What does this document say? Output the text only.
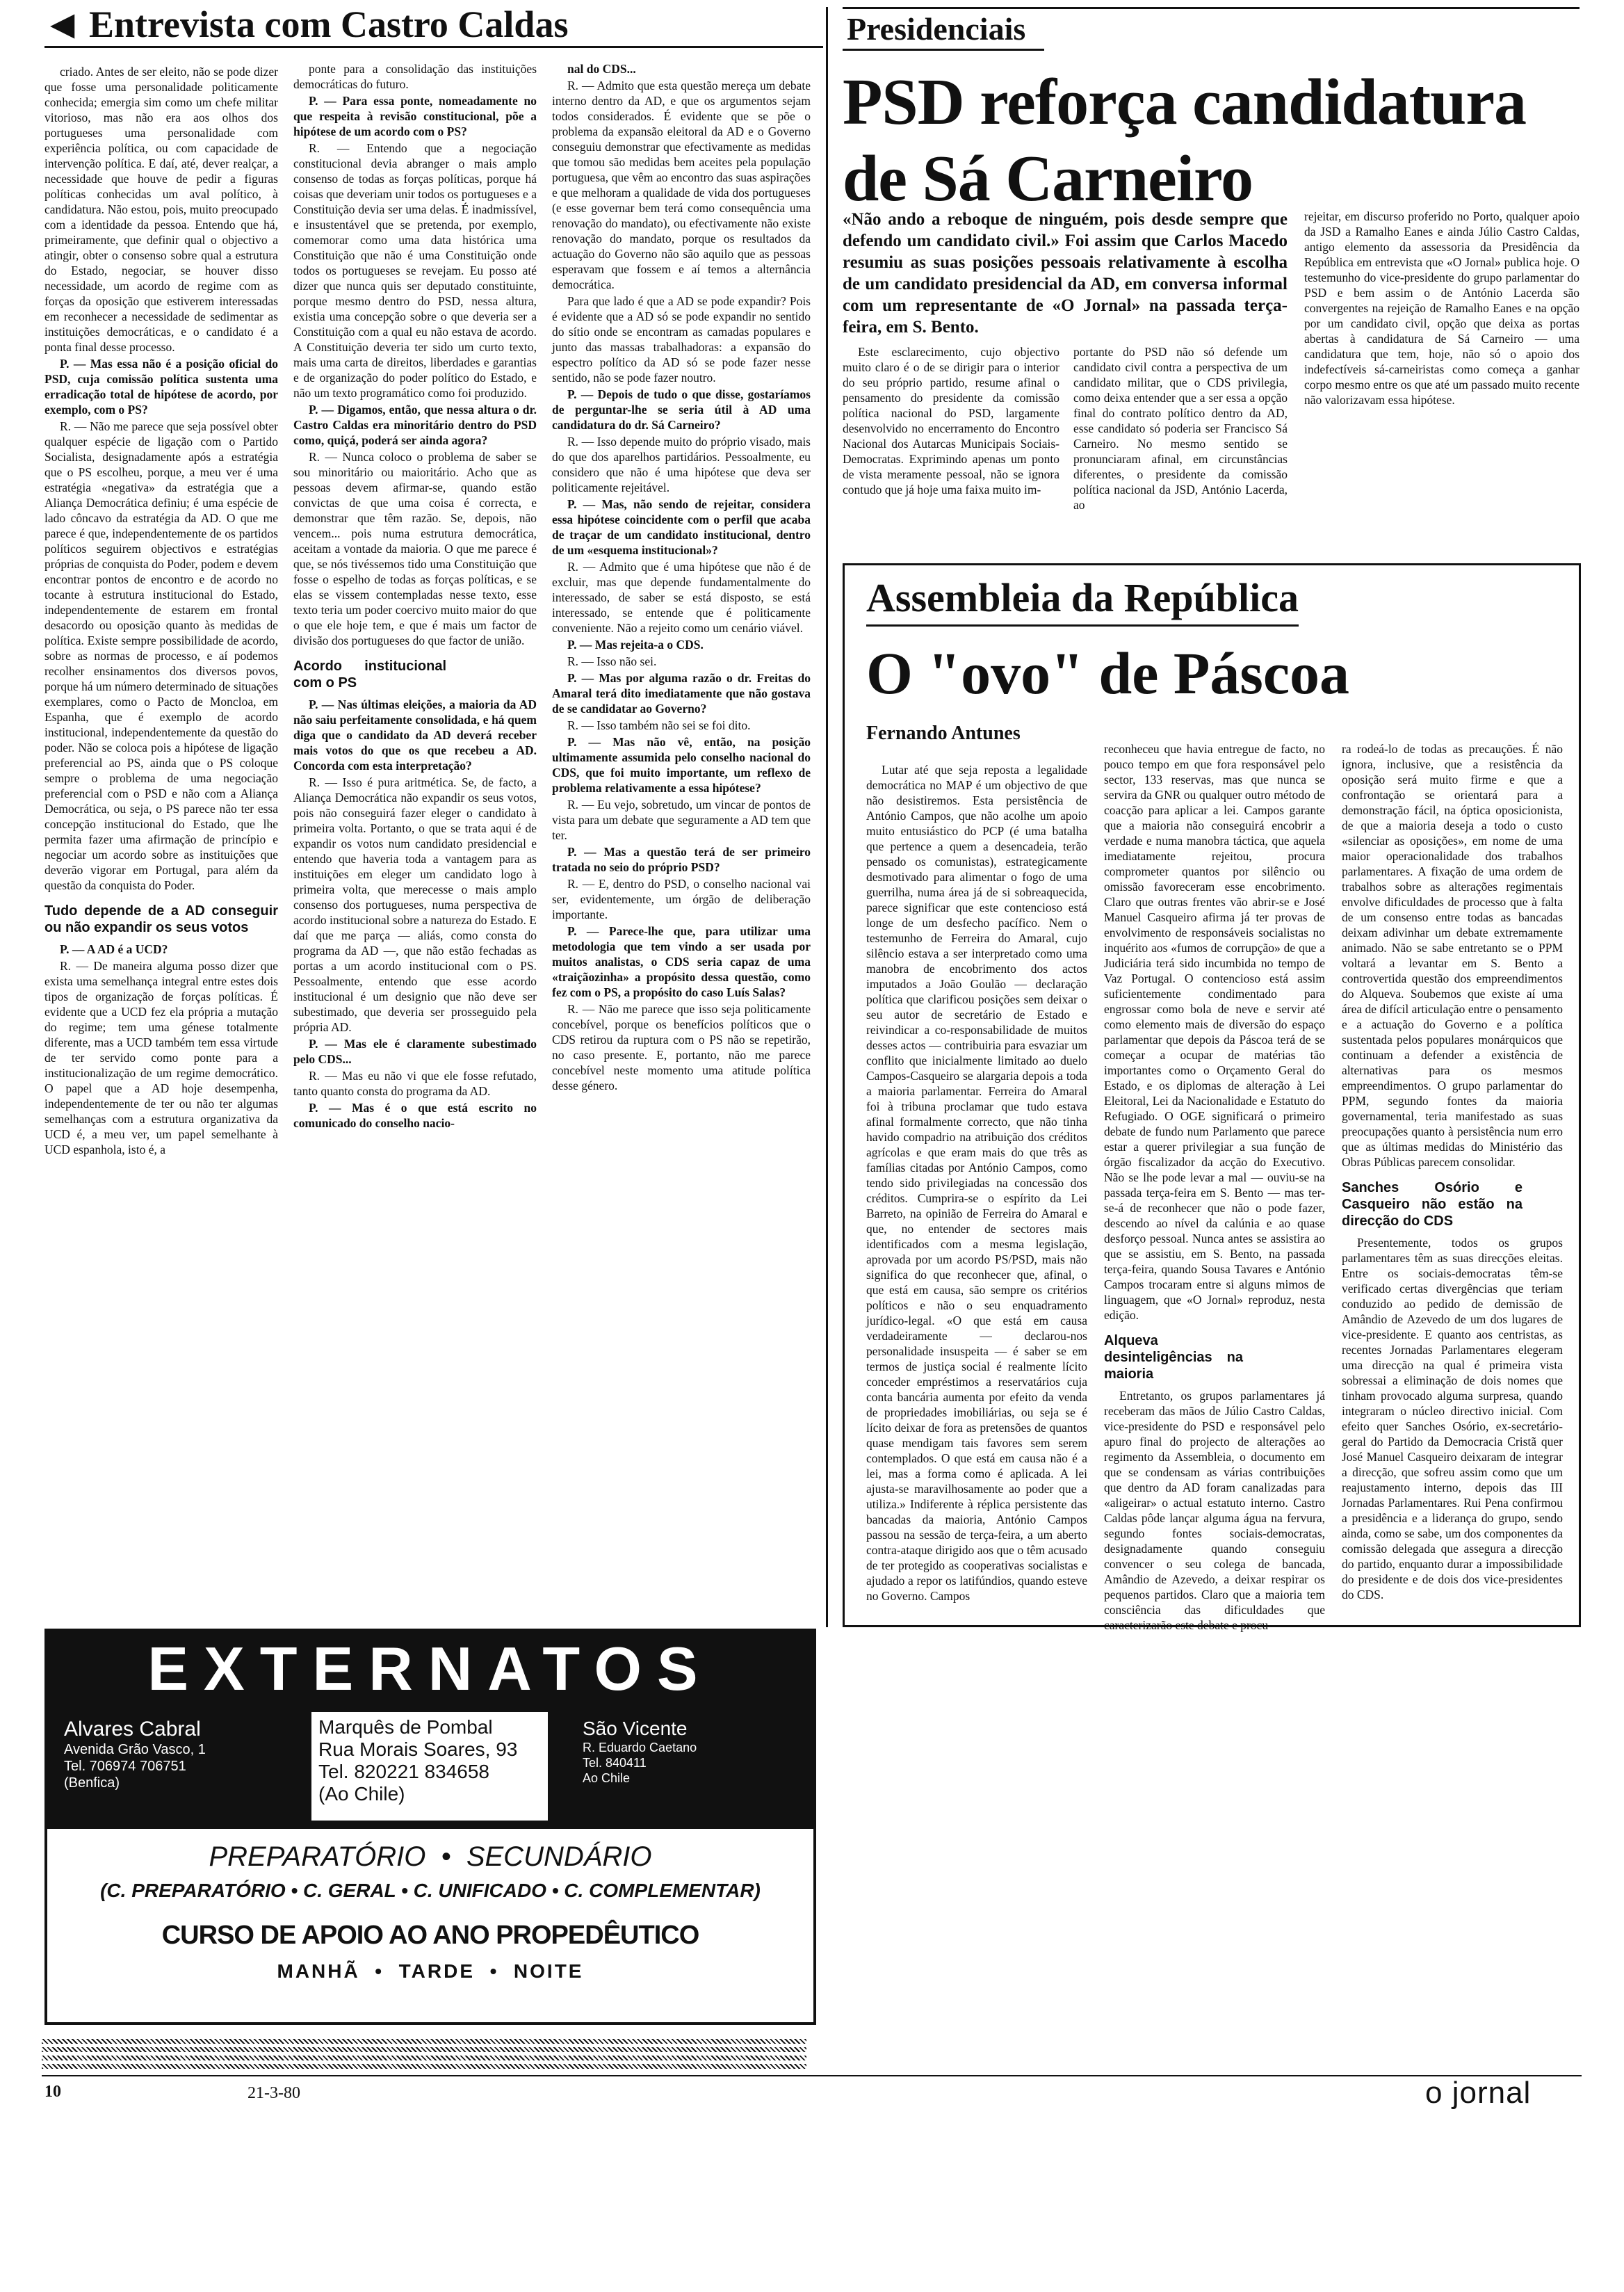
◀ Entrevista com Castro Caldas	Presidenciais
PSD reforça candidatura
de Sá Carneiro
«Não ando a reboque de ninguém, pois desde sempre que defendo um candidato civil.» Foi assim que Carlos Macedo resumiu as suas posições pessoais relativamente à escolha de um candidato presidencial da AD, em conversa informal com um representante de «O Jornal» na passada terça-feira, em S. Bento.

Este esclarecimento, cujo objectivo muito claro é o de se dirigir para o interior do seu próprio partido, resume afinal o pensamento do presidente da comissão política nacional do PSD, largamente desenvolvido no encerramento do Encontro Nacional dos Autarcas Municipais Sociais-Democratas. Exprimindo apenas um ponto de vista meramente pessoal, não se ignora contudo que já hoje uma faixa muito im-

portante do PSD não só defende um candidato civil contra a perspectiva de um candidato militar, que o CDS privilegia, como deixa entender que a ser essa a opção final do contrato político dentro da AD, esse candidato só poderia ser Francisco Sá Carneiro. No mesmo sentido se pronunciaram afinal, em circunstâncias diferentes, o presidente da comissão política nacional da JSD, António Lacerda, ao

rejeitar, em discurso proferido no Porto, qualquer apoio da JSD a Ramalho Eanes e ainda Júlio Castro Caldas, antigo elemento da assessoria da Presidência da República em entrevista que «O Jornal» publica hoje. O testemunho do vice-presidente do grupo parlamentar do PSD e bem assim o de António Lacerda são convergentes na rejeição de Ramalho Eanes e na opção por um candidato civil, opção que deixa as portas abertas à candidatura de Sá Carneiro — uma candidatura que tem, hoje, não só o apoio dos indefectíveis sá-carneiristas como começa a ganhar corpo mesmo entre os que até um passado muito recente não valorizavam essa hipótese.

Assembleia da República
O "ovo" de Páscoa
Fernando Antunes

Lutar até que seja reposta a legalidade democrática no MAP é um objectivo de que não desistiremos. Esta persistência de António Campos, que não acolhe um apoio muito entusiástico do PCP (é uma batalha que pertence a quem a desencadeia, terão pensado os comunistas), estrategicamente desmotivado para alimentar o fogo de uma guerrilha, numa área já de si sobreaquecida, parece significar que este contencioso está longe de um desfecho pacífico. Nem o testemunho de Ferreira do Amaral, cujo silêncio estava a ser interpretado como uma manobra de encobrimento dos actos imputados a João Goulão — declaração política que clarificou posições sem deixar o seu autor de secretário de Estado e reivindicar a co-responsabilidade de muitos desses actos — contribuiria para esvaziar um conflito que inicialmente limitado ao duelo Campos-Casqueiro se alargaria depois a toda a maioria parlamentar. Ferreira do Amaral foi à tribuna proclamar que tudo estava afinal formalmente correcto, que não tinha havido compadrio na atribuição dos créditos agrícolas e que eram mais do que três as famílias citadas por António Campos, como tendo sido privilegiadas na concessão dos créditos. Cumprira-se o espírito da Lei Barreto, na opinião de Ferreira do Amaral e que, no entender de sectores mais identificados com a mesma legislação, aprovada por um acordo PS/PSD, mais não significa do que reconhecer que, afinal, o que está em causa, são sempre os critérios políticos e não o seu enquadramento jurídico-legal. «O que está em causa verdadeiramente — declarou-nos personalidade insuspeita — é saber se em termos de justiça social é realmente lícito conceder empréstimos a reservatários cuja conta bancária aumenta por efeito da venda de propriedades imobiliárias, ou seja se é lícito deixar de fora as pretensões de quantos quase mendigam tais favores sem serem contemplados. O que está em causa não é a lei, mas a forma como é aplicada. A lei ajusta-se maravilhosamente ao poder que a utiliza.» Indiferente à réplica persistente das bancadas da maioria, António Campos passou na sessão de terça-feira, a um aberto contra-ataque dirigido aos que o têm acusado de ter protegido as cooperativas socialistas e ajudado a repor os latifúndios, quando esteve no Governo. Campos

reconheceu que havia entregue de facto, no pouco tempo em que fora responsável pelo sector, 133 reservas, mas que nunca se servira da GNR ou qualquer outro método de coacção para aplicar a lei. Campos garante que a maioria não conseguirá encobrir a verdade e numa manobra táctica, que aquela imediatamente rejeitou, procura comprometer quantos por silêncio ou omissão favoreceram esse encobrimento. Claro que outras frentes vão abrir-se e José Manuel Casqueiro afirma já ter provas de envolvimento de responsáveis socialistas no inquérito aos «fumos de corrupção» de que a Judiciária terá sido incumbida no tempo de Vaz Portugal. O contencioso está assim suficientemente condimentado para engrossar como bola de neve e servir até como elemento mais de diversão do espaço parlamentar que depois da Páscoa terá de se começar a ocupar de matérias tão importantes como o Orçamento Geral do Estado, e os diplomas de alteração à Lei Eleitoral, Lei da Nacionalidade e Estatuto do Refugiado. O OGE significará o primeiro debate de fundo num Parlamento que parece estar a querer privilegiar a sua função de órgão fiscalizador da acção do Executivo. Não se lhe pode levar a mal — ouviu-se na passada terça-feira em S. Bento — mas ter-se-á de reconhecer que não o pode fazer, descendo ao nível da calúnia e ao quase desforço pessoal. Nunca antes se assistira ao que se assistiu, em S. Bento, na passada terça-feira, quando Sousa Tavares e António Campos trocaram entre si alguns mimos de linguagem, que «O Jornal» reproduz, nesta edição.

Alqueva desinteligências na maioria

Entretanto, os grupos parlamentares já receberam das mãos de Júlio Castro Caldas, vice-presidente do PSD e responsável pelo apuro final do projecto de alterações ao regimento da Assembleia, o documento em que se condensam as várias contribuições que dentro da AD foram canalizadas para «aligeirar» o actual estatuto interno. Castro Caldas pôde lançar alguma água na fervura, segundo fontes sociais-democratas, designadamente quando conseguiu convencer o seu colega de bancada, Amândio de Azevedo, a deixar respirar os pequenos partidos. Claro que a maioria tem consciência das dificuldades que caracterizarão este debate e procu-

ra rodeá-lo de todas as precauções. É não ignora, inclusive, que a resistência da oposição será muito firme e que a confrontação se orientará para a demonstração fácil, na óptica oposicionista, de que a maioria deseja a todo o custo «silenciar as oposições», em nome de uma maior operacionalidade dos trabalhos parlamentares. A fixação de uma ordem de trabalhos sobre as alterações regimentais envolve dificuldades de processo que à falta de um consenso entre todas as bancadas deixam adivinhar um debate extremamente animado. Não se sabe entretanto se o PPM voltará a levantar em S. Bento a controvertida questão dos empreendimentos do Alqueva. Soubemos que existe aí uma área de difícil articulação entre o pensamento e a actuação do Governo e a política sustentada pelos populares monárquicos que continuam a defender a existência de alternativas para os mesmos empreendimentos. O grupo parlamentar do PPM, segundo fontes da maioria governamental, teria manifestado as suas preocupações quanto à persistência num erro que as últimas medidas do Ministério das Obras Públicas parecem consolidar.

Sanches Osório e Casqueiro não estão na direcção do CDS

Presentemente, todos os grupos parlamentares têm as suas direcções eleitas. Entre os sociais-democratas têm-se verificado certas divergências que teriam conduzido ao pedido de demissão de Amândio de Azevedo de um dos lugares de vice-presidente. E quanto aos centristas, as recentes Jornadas Parlamentares elegeram uma direcção na qual é primeira vista sobressai a eliminação de dois nomes que tinham provocado alguma surpresa, quando integraram o núcleo directivo inicial. Com efeito quer Sanches Osório, ex-secretário-geral do Partido da Democracia Cristã quer José Manuel Casqueiro deixaram de integrar a direcção, que sofreu assim como que um reajustamento interno, depois das III Jornadas Parlamentares. Rui Pena confirmou a presidência e a liderança do grupo, sendo ainda, como se sabe, um dos componentes da comissão delegada que assegura a direcção do partido, enquanto durar a impossibilidade do presidente e de dois dos vice-presidentes do CDS.

criado. Antes de ser eleito, não se pode dizer que fosse uma personalidade politicamente conhecida; emergia sim como um chefe militar vitorioso, mas não era aos olhos dos portugueses uma personalidade com experiência política, ou com capacidade de intervenção política. E daí, até, dever realçar, a necessidade que houve de pedir a figuras políticas conhecidas um aval político, à candidatura. Não estou, pois, muito preocupado com a identidade da pessoa. Entendo que há, primeiramente, que definir qual o objectivo a atingir, obter o consenso sobre qual a estrutura do Estado, negociar, se houver disso necessidade, um acordo de regime com as forças da oposição que estiverem interessadas em reconhecer a necessidade de sedimentar as instituições democráticas, e o candidato é a ponta final desse processo.

P. — Mas essa não é a posição oficial do PSD, cuja comissão política sustenta uma erradicação total de hipótese de acordo, por exemplo, com o PS?

R. — Não me parece que seja possível obter qualquer espécie de ligação com o Partido Socialista, designadamente após a estratégia que o PS escolheu, porque, a meu ver é uma estratégia «negativa» da estratégia que a Aliança Democrática definiu; é uma espécie de lado côncavo da estratégia da AD. O que me parece é que, independentemente de os partidos políticos seguirem objectivos e estratégias próprias de conquista do Poder, podem e devem encontrar pontos de encontro e de acordo no tocante à estrutura institucional do Estado, independentemente de estarem em frontal desacordo ou oposição quanto às medidas de política. Existe sempre possibilidade de acordo, sobre as normas de processo, e aí podemos recolher ensinamentos dos diversos povos, porque há um número determinado de situações exemplares, como o Pacto de Moncloa, em Espanha, que é exemplo de acordo institucional, independentemente da questão do poder. Não se coloca pois a hipótese de ligação preferencial ao PS, ainda que o PS coloque sempre o problema de uma negociação preferencial com o PSD e não com a Aliança Democrática, ou seja, o PS parece não ter essa concepção institucional do Estado, que lhe permita fazer uma afirmação de princípio e negociar um acordo sobre as instituições que deverão vigorar em Portugal, para além da questão da conquista do Poder.

Tudo depende de a AD conseguir ou não expandir os seus votos

P. — A AD é a UCD?

R. — De maneira alguma posso dizer que exista uma semelhança integral entre estes dois tipos de organização de forças políticas. É evidente que a UCD fez ela própria a mutação do regime; tem uma génese totalmente diferente, mas a UCD também tem essa virtude de ter servido como ponte para a institucionalização de um regime democrático. O papel que a AD hoje desempenha, independentemente de ter ou não ter algumas semelhanças com a estrutura organizativa da UCD é, a meu ver, um papel semelhante à UCD espanhola, isto é, a

ponte para a consolidação das instituições democráticas do futuro.

P. — Para essa ponte, nomeadamente no que respeita à revisão constitucional, põe a hipótese de um acordo com o PS?

R. — Entendo que a negociação constitucional devia abranger o mais amplo consenso de todas as forças políticas, porque há coisas que deveriam unir todos os portugueses e a Constituição devia ser uma delas. É inadmissível, e insustentável que se pretenda, por exemplo, comemorar como uma data histórica uma Constituição que não é uma Constituição onde todos os portugueses se revejam. Eu posso até dizer que nunca quis ser deputado constituinte, porque mesmo dentro do PSD, nessa altura, existia uma concepção sobre o que deveria ser a Constituição com a qual eu não estava de acordo. A Constituição deveria ter sido um curto texto, mais uma carta de direitos, liberdades e garantias e de organização do poder político do Estado, e não um texto programático como foi produzido.

P. — Digamos, então, que nessa altura o dr. Castro Caldas era minoritário dentro do PSD como, quiçá, poderá ser ainda agora?

R. — Nunca coloco o problema de saber se sou minoritário ou maioritário. Acho que as pessoas devem afirmar-se, quando estão convictas de que uma coisa é correcta, e demonstrar que têm razão. Se, depois, não vencem... pois numa estrutura democrática, aceitam a vontade da maioria. O que me parece é que, se nós tivéssemos tido uma Constituição que fosse o espelho de todas as forças políticas, e se elas se vissem contempladas nesse texto, esse texto teria um poder coercivo muito maior do que o que ele hoje tem, e que é mais um factor de divisão dos portugueses do que factor de união.

Acordo institucional com o PS

P. — Nas últimas eleições, a maioria da AD não saiu perfeitamente consolidada, e há quem diga que o candidato da AD deverá receber mais votos do que os que recebeu a AD. Concorda com esta interpretação?

R. — Isso é pura aritmética. Se, de facto, a Aliança Democrática não expandir os seus votos, pois não conseguirá fazer eleger o candidato à primeira volta. Portanto, o que se trata aqui é de expandir os votos num candidato presidencial e entendo que haveria toda a vantagem para as instituições em eleger um candidato logo à primeira volta, que merecesse o mais amplo consenso dos portugueses, numa perspectiva de acordo institucional sobre a natureza do Estado. E daí que me parça — aliás, como consta do programa da AD —, que não estão fechadas as portas a um acordo institucional com o PS. Pessoalmente, entendo que esse acordo institucional é um designio que não deve ser subestimado, que deveria ser prosseguido pela própria AD.

P. — Mas ele é claramente subestimado pelo CDS...

R. — Mas eu não vi que ele fosse refutado, tanto quanto consta do programa da AD.

P. — Mas é o que está escrito no comunicado do conselho nacio-

nal do CDS...

R. — Admito que esta questão mereça um debate interno dentro da AD, e que os argumentos sejam todos considerados. É evidente que se põe o problema da expansão eleitoral da AD e o Governo conseguiu demonstrar que efectivamente as medidas que tomou são medidas bem aceites pela população portuguesa, que vêm ao encontro das suas aspirações e que melhoram a qualidade de vida dos portugueses (e esse governar bem terá como consequência uma renovação do mandato), ou efectivamente não existe renovação do mandato, porque os resultados da actuação do Governo não são aquilo que as pessoas esperavam que fossem e aí temos a alternância democrática.

Para que lado é que a AD se pode expandir? Pois é evidente que a AD só se pode expandir no sentido do sítio onde se encontram as camadas populares e junto das massas trabalhadoras: a expansão do espectro político da AD só se pode fazer nesse sentido, não se pode fazer noutro.

P. — Depois de tudo o que disse, gostaríamos de perguntar-lhe se seria útil à AD uma candidatura do dr. Sá Carneiro?

R. — Isso depende muito do próprio visado, mais do que dos aparelhos partidários. Pessoalmente, eu considero que não é uma hipótese que deva ser politicamente rejeitável.

P. — Mas, não sendo de rejeitar, considera essa hipótese coincidente com o perfil que acaba de traçar de um candidato institucional, dentro de um «esquema institucional»?

R. — Admito que é uma hipótese que não é de excluir, mas que depende fundamentalmente do interessado, de saber se está disposto, se está interessado, se entende que é politicamente conveniente. Não a rejeito como um cenário viável.

P. — Mas rejeita-a o CDS.

R. — Isso não sei.

P. — Mas por alguma razão o dr. Freitas do Amaral terá dito imediatamente que não gostava de se candidatar ao Governo?

R. — Isso também não sei se foi dito.

P. — Mas não vê, então, na posição ultimamente assumida pelo conselho nacional do CDS, que foi muito importante, um reflexo de problema relativamente a essa hipótese?

R. — Eu vejo, sobretudo, um vincar de pontos de vista para um debate que seguramente a AD tem que ter.

P. — Mas a questão terá de ser primeiro tratada no seio do próprio PSD?

R. — E, dentro do PSD, o conselho nacional vai ser, evidentemente, um órgão de deliberação importante.

P. — Parece-lhe que, para utilizar uma metodologia que tem vindo a ser usada por muitos analistas, o CDS seria capaz de uma «traiçãozinha» a propósito dessa questão, como fez com o PS, a propósito do caso Luís Salas?

R. — Não me parece que isso seja politicamente concebível, porque os benefícios políticos que o CDS retirou da ruptura com o PS não se repetirão, no caso presente. E, portanto, não me parece concebível neste momento uma atitude política desse género.

EXTERNATOS
Alvares Cabral
Avenida Grão Vasco, 1
Tel. 706974 706751
(Benfica)
Marquês de Pombal
Rua Morais Soares, 93
Tel. 820221 834658
(Ao Chile)
São Vicente
R. Eduardo Caetano
Tel. 840411
Ao Chile
PREPARATÓRIO  •  SECUNDÁRIO
(C. PREPARATÓRIO • C. GERAL • C. UNIFICADO • C. COMPLEMENTAR)
CURSO DE APOIO AO ANO PROPEDÊUTICO
MANHÃ  •  TARDE  •  NOITE
10	21-3-80	o jornal
